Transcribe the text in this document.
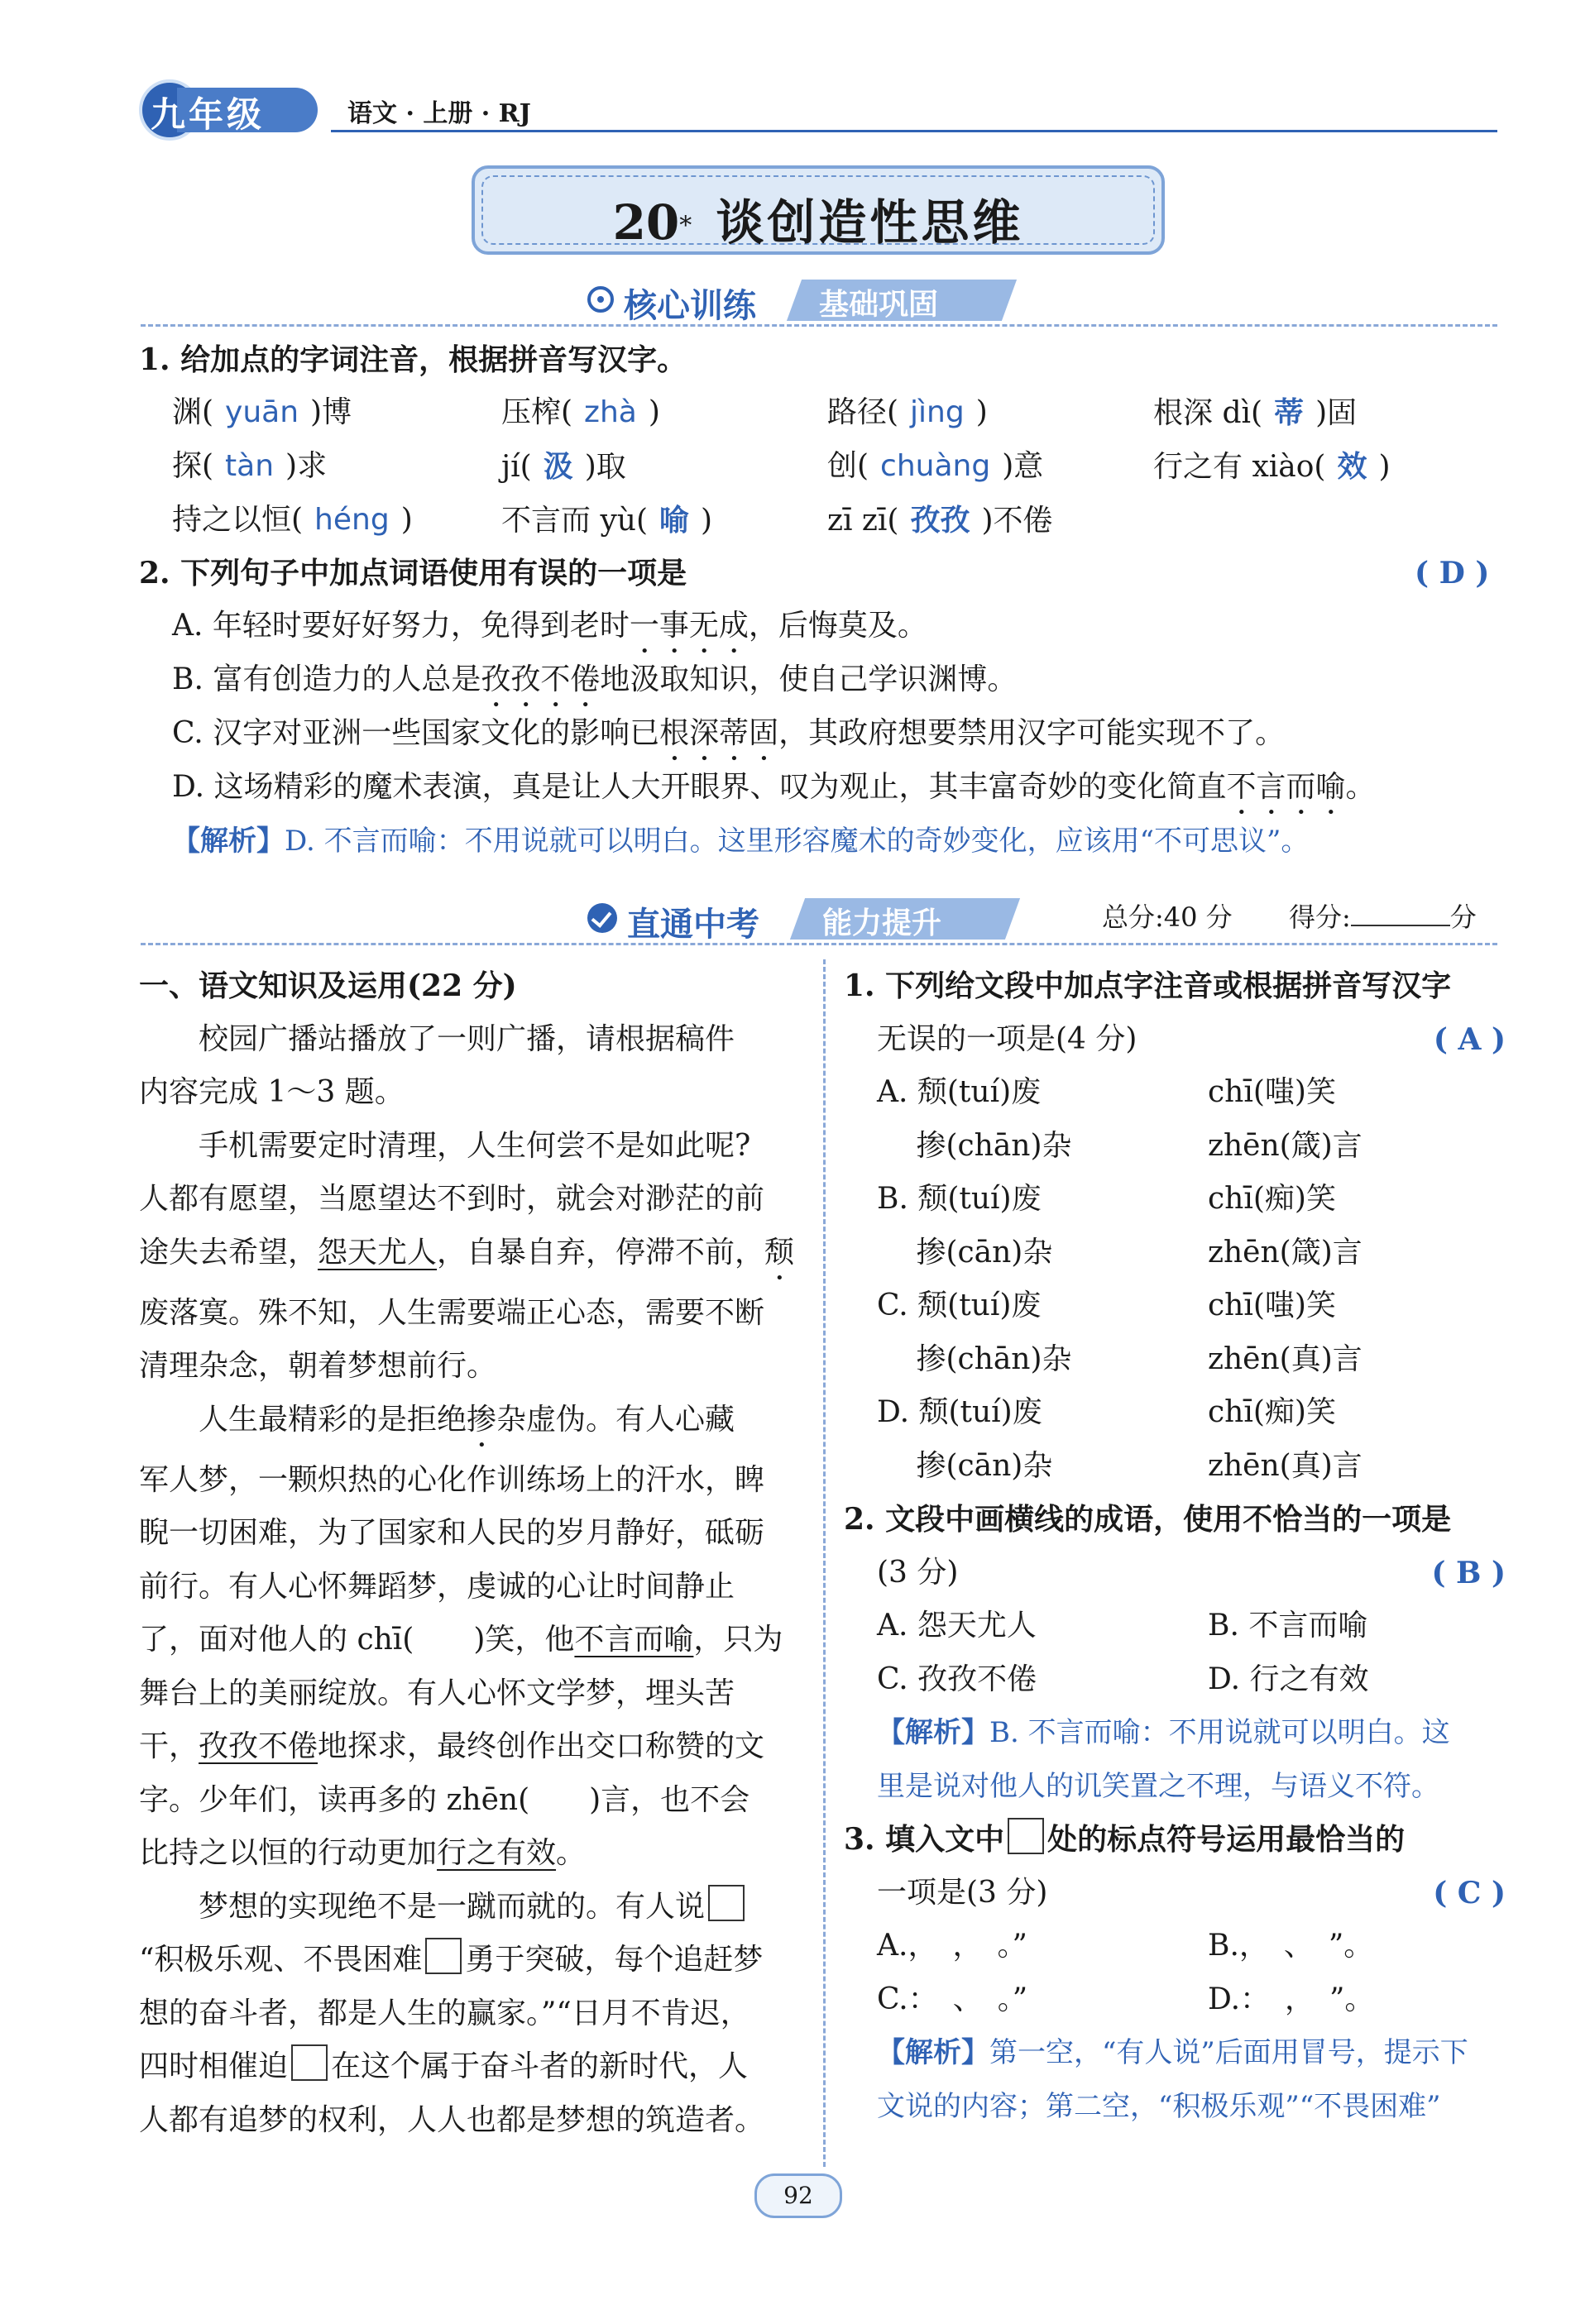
九年级	语文 · 上册 · RJ
20* 谈创造性思维
核心训练 基础巩固
1. 给加点的字词注音，根据拼音写汉字。
渊( yuān )博	压榨( zhà )	路径( jìng )	根深 dì( 蒂 )固
探( tàn )求	jí( 汲 )取	创( chuàng )意	行之有 xiào( 效 )
持之以恒( héng )	不言而 yù( 喻 )	zī zī( 孜孜 )不倦
2. 下列句子中加点词语使用有误的一项是	( D )
A. 年轻时要好好努力，免得到老时一事无成，后悔莫及。
B. 富有创造力的人总是孜孜不倦地汲取知识，使自己学识渊博。
C. 汉字对亚洲一些国家文化的影响已根深蒂固，其政府想要禁用汉字可能实现不了。
D. 这场精彩的魔术表演，真是让人大开眼界、叹为观止，其丰富奇妙的变化简直不言而喻。
【解析】D. 不言而喻：不用说就可以明白。这里形容魔术的奇妙变化，应该用“不可思议”。
直通中考 能力提升	总分:40 分 得分:	分
一、语文知识及运用(22 分)
　　校园广播站播放了一则广播，请根据稿件
内容完成 1～3 题。
　　手机需要定时清理，人生何尝不是如此呢?
人都有愿望，当愿望达不到时，就会对渺茫的前
途失去希望，怨天尤人，自暴自弃，停滞不前，颓
废落寞。殊不知，人生需要端正心态，需要不断
清理杂念，朝着梦想前行。
　　人生最精彩的是拒绝掺杂虚伪。有人心藏
军人梦，一颗炽热的心化作训练场上的汗水，睥
睨一切困难，为了国家和人民的岁月静好，砥砺
前行。有人心怀舞蹈梦，虔诚的心让时间静止
了，面对他人的 chī(　　)笑，他不言而喻，只为
舞台上的美丽绽放。有人心怀文学梦，埋头苦
干，孜孜不倦地探求，最终创作出交口称赞的文
字。少年们，读再多的 zhēn(　　)言，也不会
比持之以恒的行动更加行之有效。
　　梦想的实现绝不是一蹴而就的。有人说
“积极乐观、不畏困难 勇于突破，每个追赶梦
想的奋斗者，都是人生的赢家。”“日月不肯迟，
四时相催迫 在这个属于奋斗者的新时代，人
人都有追梦的权利，人人也都是梦想的筑造者。
1. 下列给文段中加点字注音或根据拼音写汉字
无误的一项是(4 分)	( A )
A. 颓(tuí)废	chī(嗤)笑
　 掺(chān)杂	zhēn(箴)言
B. 颓(tuí)废	chī(痴)笑
　 掺(cān)杂	zhēn(箴)言
C. 颓(tuí)废	chī(嗤)笑
　 掺(chān)杂	zhēn(真)言
D. 颓(tuí)废	chī(痴)笑
　 掺(cān)杂	zhēn(真)言
2. 文段中画横线的成语，使用不恰当的一项是
(3 分)	( B )
A. 怨天尤人	B. 不言而喻
C. 孜孜不倦	D. 行之有效
【解析】B. 不言而喻：不用说就可以明白。这
里是说对他人的讥笑置之不理，与语义不符。
3. 填入文中 处的标点符号运用最恰当的
一项是(3 分)	( C )
A.，　，　。”	B.，　、　”。
C.：　、　。”	D.：　，　”。
【解析】第一空，“有人说”后面用冒号，提示下
文说的内容；第二空，“积极乐观”“不畏困难”
92
